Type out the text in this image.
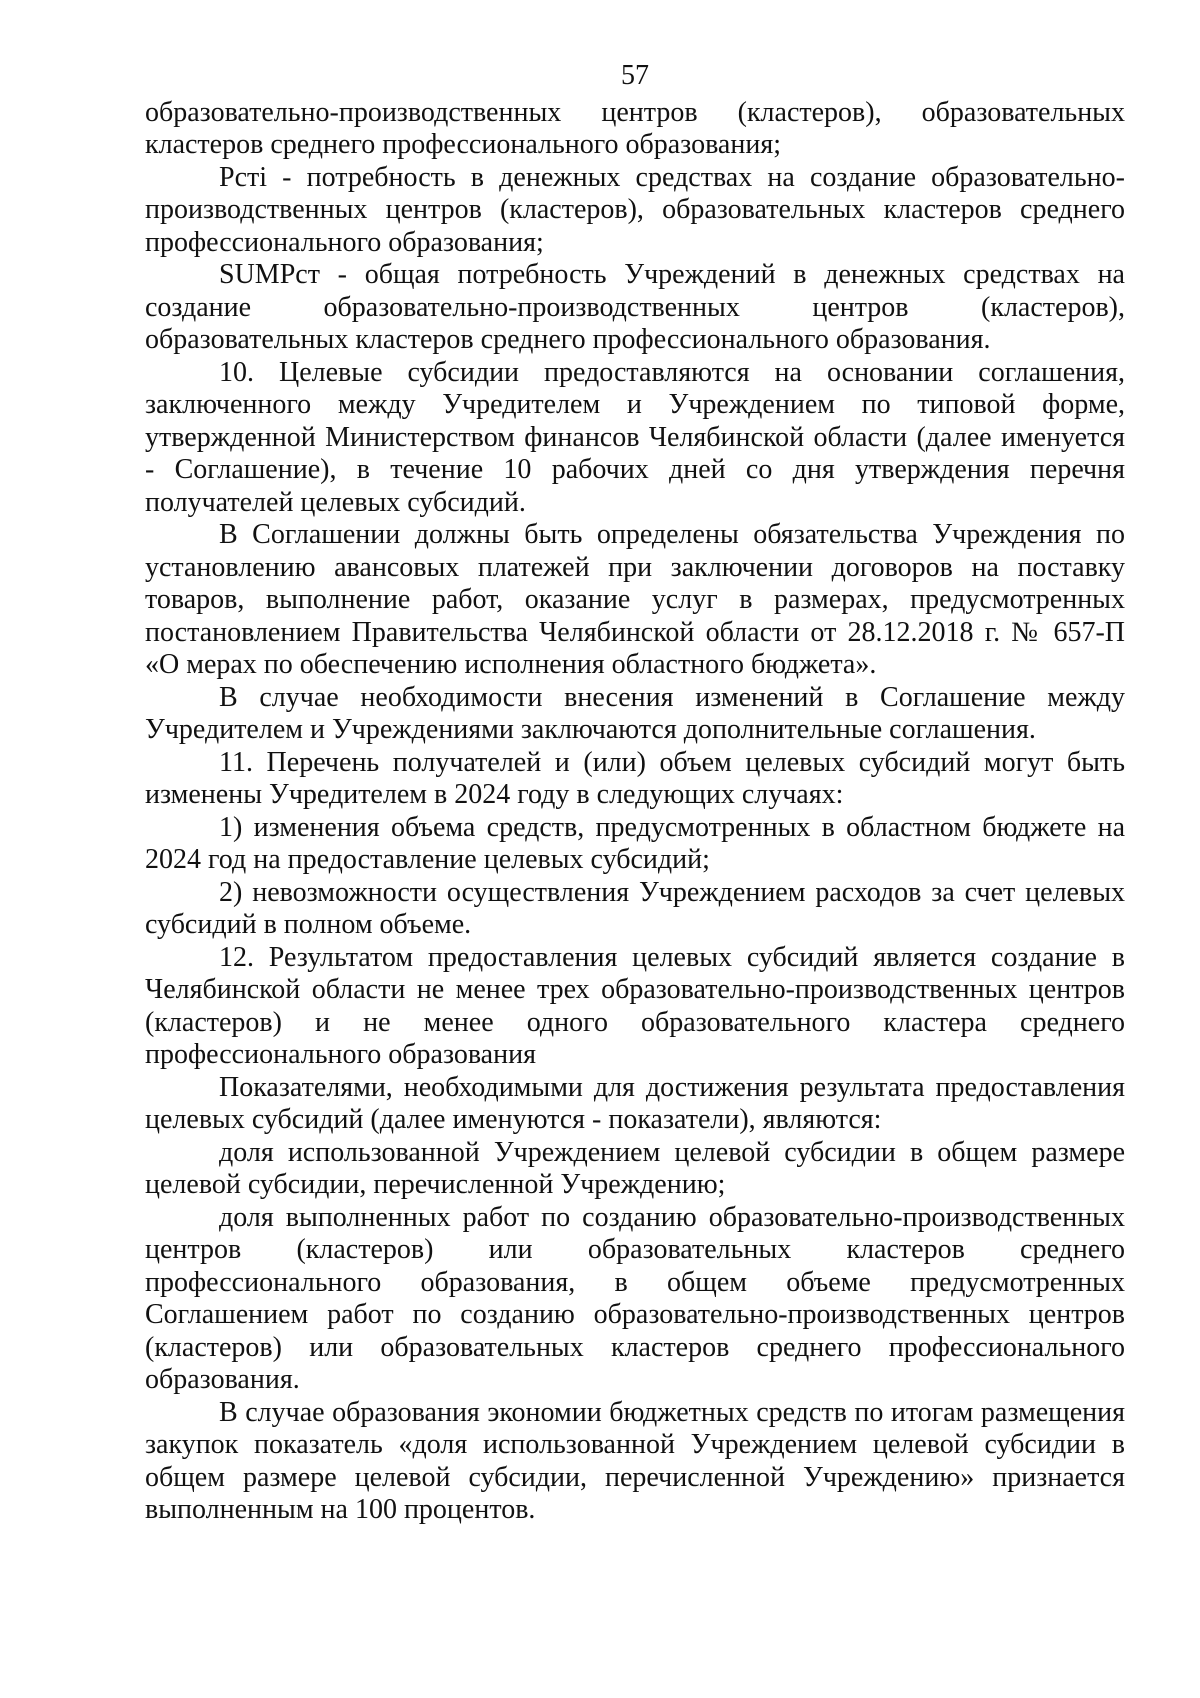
57

образовательно-производственных центров (кластеров), образовательных кластеров среднего профессионального образования;

Рсті - потребность в денежных средствах на создание образовательно-производственных центров (кластеров), образовательных кластеров среднего профессионального образования;

SUMPст - общая потребность Учреждений в денежных средствах на создание образовательно-производственных центров (кластеров), образовательных кластеров среднего профессионального образования.

10. Целевые субсидии предоставляются на основании соглашения, заключенного между Учредителем и Учреждением по типовой форме, утвержденной Министерством финансов Челябинской области (далее именуется - Соглашение), в течение 10 рабочих дней со дня утверждения перечня получателей целевых субсидий.

В Соглашении должны быть определены обязательства Учреждения по установлению авансовых платежей при заключении договоров на поставку товаров, выполнение работ, оказание услуг в размерах, предусмотренных постановлением Правительства Челябинской области от 28.12.2018 г. № 657-П «О мерах по обеспечению исполнения областного бюджета».

В случае необходимости внесения изменений в Соглашение между Учредителем и Учреждениями заключаются дополнительные соглашения.

11. Перечень получателей и (или) объем целевых субсидий могут быть изменены Учредителем в 2024 году в следующих случаях:

1) изменения объема средств, предусмотренных в областном бюджете на 2024 год на предоставление целевых субсидий;

2) невозможности осуществления Учреждением расходов за счет целевых субсидий в полном объеме.

12. Результатом предоставления целевых субсидий является создание в Челябинской области не менее трех образовательно-производственных центров (кластеров) и не менее одного образовательного кластера среднего профессионального образования

Показателями, необходимыми для достижения результата предоставления целевых субсидий (далее именуются - показатели), являются:

доля использованной Учреждением целевой субсидии в общем размере целевой субсидии, перечисленной Учреждению;

доля выполненных работ по созданию образовательно-производственных центров (кластеров) или образовательных кластеров среднего профессионального образования, в общем объеме предусмотренных Соглашением работ по созданию образовательно-производственных центров (кластеров) или образовательных кластеров среднего профессионального образования.

В случае образования экономии бюджетных средств по итогам размещения закупок показатель «доля использованной Учреждением целевой субсидии в общем размере целевой субсидии, перечисленной Учреждению» признается выполненным на 100 процентов.
